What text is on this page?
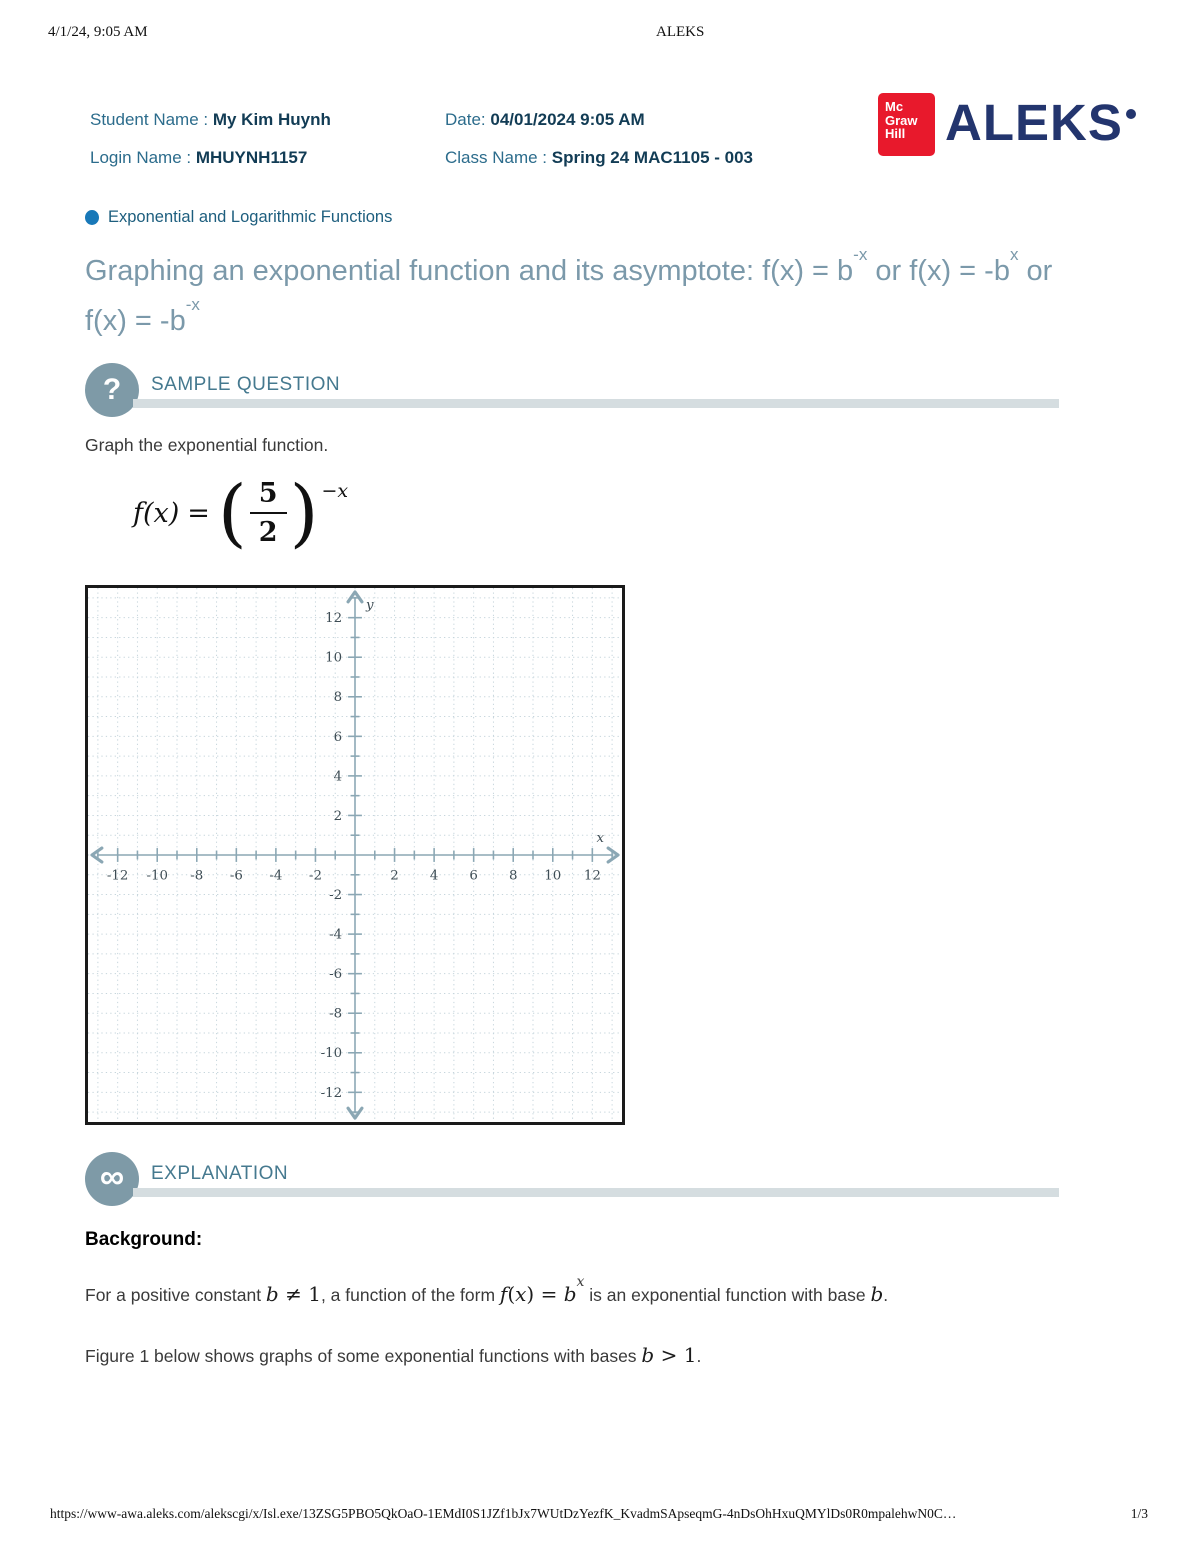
4/1/24, 9:05 AM	ALEKS
Student Name : My Kim Huynh
Login Name : MHUYNH1157
Date: 04/01/2024 9:05 AM
Class Name : Spring 24 MAC1105 - 003
Mc
Graw
Hill ALEKS
Exponential and Logarithmic Functions
Graphing an exponential function and its asymptote: $f(x) = b^{-x}$ or $f(x) = -b^x$ or
$f(x) = -b^{-x}$
? SAMPLE QUESTION
Graph the exponential function.
f(x) = ( $\frac{5}{2} )^{-x}$
-12 -10 -8 -6 -4 -2	2 4 6 8 10 12
12
10
8
6
4
2
-2
-4
-6
-8
-10
-12
x
y
∞ EXPLANATION
Background:
For a positive constant b ≠ 1, a function of the form $f(x) = b^x$ is an exponential function with base b.
Figure 1 below shows graphs of some exponential functions with bases b > 1.
https://www-awa.aleks.com/alekscgi/x/Isl.exe/13ZSG5PBO5QkOaO-1EMdI0S1JZf1bJx7WUtDzYezfK_KvadmSApseqmG-4nDsOhHxuQMYlDs0R0mpalehwN0C…	1/3
